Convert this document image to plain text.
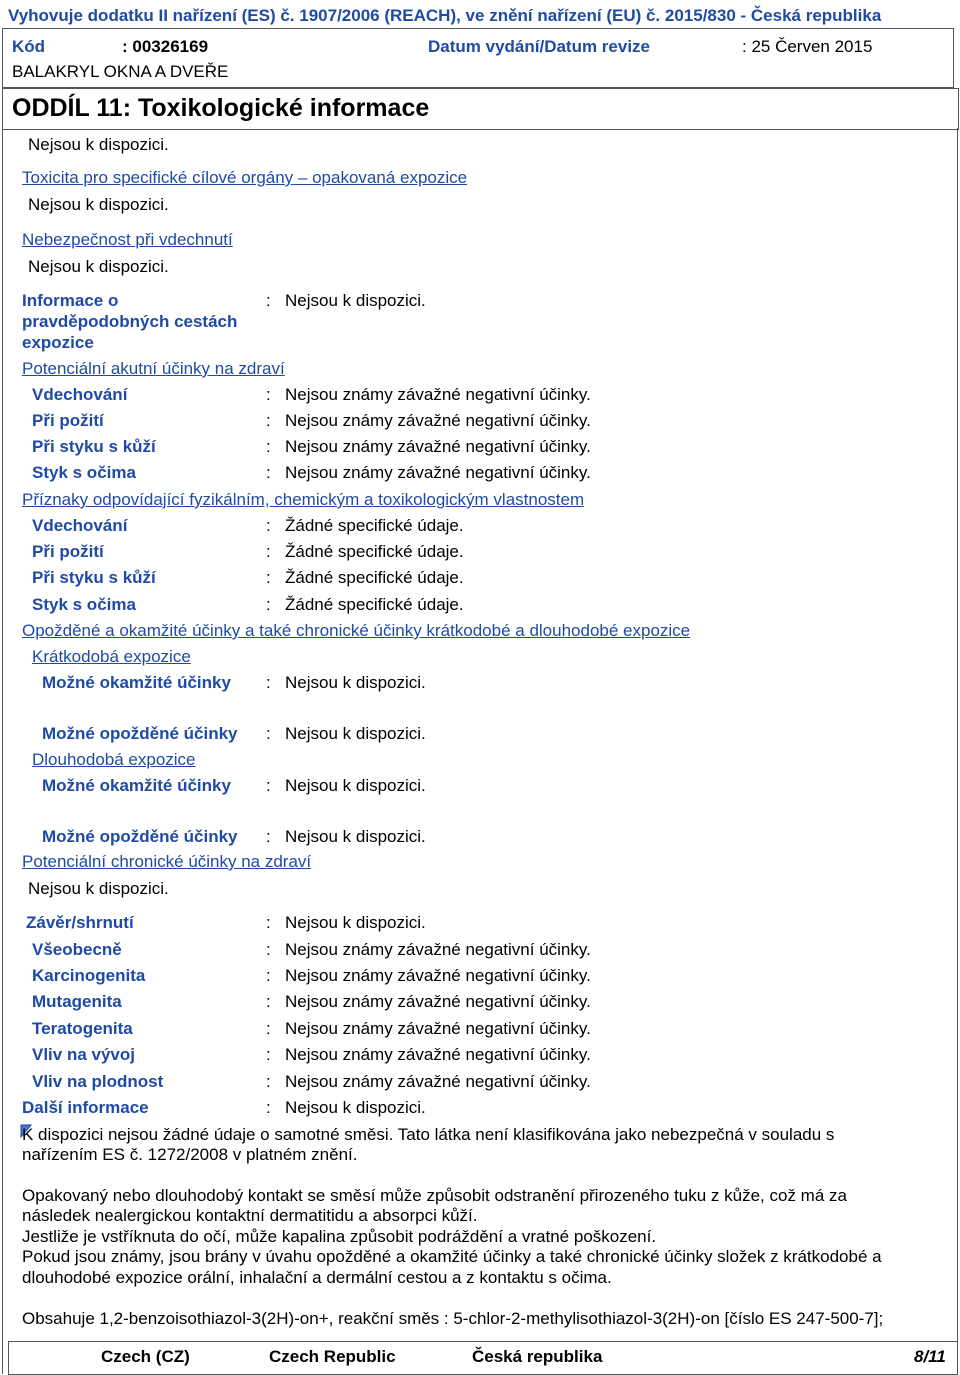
Vyhovuje dodatku II nařízení (ES) č. 1907/2006 (REACH), ve znění nařízení (EU) č. 2015/830 - Česká republika
Kód	: 00326169	Datum vydání/Datum revize	: 25 Červen 2015
BALAKRYL OKNA A DVEŘE
ODDÍL 11: Toxikologické informace
Nejsou k dispozici.
Toxicita pro specifické cílové orgány – opakovaná expozice
Nejsou k dispozici.
Nebezpečnost při vdechnutí
Nejsou k dispozici.
Informace o
pravděpodobných cestách
expozice
: Nejsou k dispozici.
Potenciální akutní účinky na zdraví
Vdechování	: Nejsou známy závažné negativní účinky.
Při požití	: Nejsou známy závažné negativní účinky.
Při styku s kůží	: Nejsou známy závažné negativní účinky.
Styk s očima	: Nejsou známy závažné negativní účinky.
Příznaky odpovídající fyzikálním, chemickým a toxikologickým vlastnostem
Vdechování	: Žádné specifické údaje.
Při požití	: Žádné specifické údaje.
Při styku s kůží	: Žádné specifické údaje.
Styk s očima	: Žádné specifické údaje.
Opožděné a okamžité účinky a také chronické účinky krátkodobé a dlouhodobé expozice
Krátkodobá expozice
Možné okamžité účinky : Nejsou k dispozici.
Možné opožděné účinky : Nejsou k dispozici.
Dlouhodobá expozice
Možné okamžité účinky : Nejsou k dispozici.
Možné opožděné účinky : Nejsou k dispozici.
Potenciální chronické účinky na zdraví
Nejsou k dispozici.
Závěr/shrnutí	: Nejsou k dispozici.
Všeobecně	: Nejsou známy závažné negativní účinky.
Karcinogenita	: Nejsou známy závažné negativní účinky.
Mutagenita	: Nejsou známy závažné negativní účinky.
Teratogenita	: Nejsou známy závažné negativní účinky.
Vliv na vývoj	: Nejsou známy závažné negativní účinky.
Vliv na plodnost	: Nejsou známy závažné negativní účinky.
Další informace	: Nejsou k dispozici.
K dispozici nejsou žádné údaje o samotné směsi. Tato látka není klasifikována jako nebezpečná v souladu s
nařízením ES č. 1272/2008 v platném znění.
Opakovaný nebo dlouhodobý kontakt se směsí může způsobit odstranění přirozeného tuku z kůže, což má za
následek nealergickou kontaktní dermatitidu a absorpci kůží.
Jestliže je vstříknuta do očí, může kapalina způsobit podráždění a vratné poškození.
Pokud jsou známy, jsou brány v úvahu opožděné a okamžité účinky a také chronické účinky složek z krátkodobé a
dlouhodobé expozice orální, inhalační a dermální cestou a z kontaktu s očima.
Obsahuje 1,2-benzoisothiazol-3(2H)-on+, reakční směs : 5-chlor-2-methylisothiazol-3(2H)-on [číslo ES 247-500-7];
Czech (CZ)	Czech Republic	Česká republika	8/11
